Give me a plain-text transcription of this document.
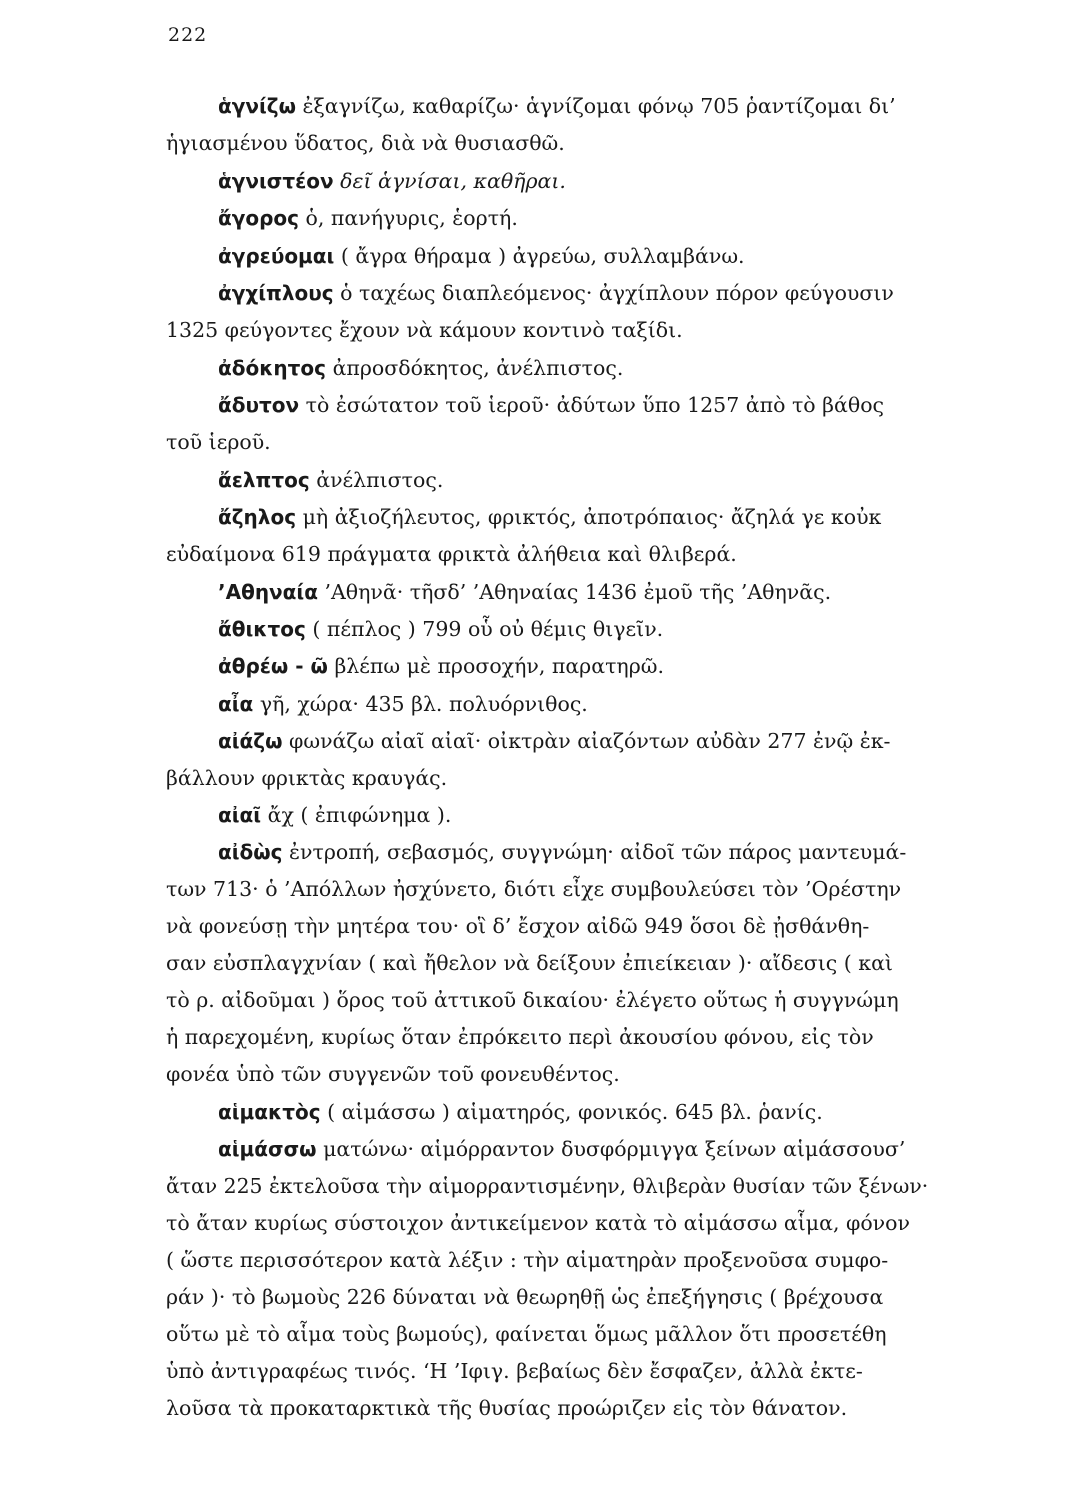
222
ἁγνίζω ἐξαγνίζω, καθαρίζω· ἁγνίζομαι φόνῳ 705 ῥαντίζομαι δι’
ἡγιασμένου ὕδατος, διὰ νὰ θυσιασθῶ.
ἁγνιστέον δεῖ ἁγνίσαι, καθῆραι.
ἄγορος ὁ, πανήγυρις, ἑορτή.
ἀγρεύομαι ( ἄγρα θήραμα ) ἀγρεύω, συλλαμβάνω.
ἀγχίπλους ὁ ταχέως διαπλεόμενος· ἀγχίπλουν πόρον φεύγουσιν
1325 φεύγοντες ἔχουν νὰ κάμουν κοντινὸ ταξίδι.
ἀδόκητος ἀπροσδόκητος, ἀνέλπιστος.
ἄδυτον τὸ ἐσώτατον τοῦ ἱεροῦ· ἀδύτων ὕπο 1257 ἀπὸ τὸ βάθος
τοῦ ἱεροῦ.
ἄελπτος ἀνέλπιστος.
ἄζηλος μὴ ἀξιοζήλευτος, φρικτός, ἀποτρόπαιος· ἄζηλά γε κοὐκ
εὐδαίμονα 619 πράγματα φρικτὰ ἀλήθεια καὶ θλιβερά.
’Αθηναία ’Αθηνᾶ· τῆσδ’ ’Αθηναίας 1436 ἐμοῦ τῆς ’Αθηνᾶς.
ἄθικτος ( πέπλος ) 799 οὗ οὐ θέμις θιγεῖν.
ἀθρέω - ῶ βλέπω μὲ προσοχήν, παρατηρῶ.
αἶα γῆ, χώρα· 435 βλ. πολυόρνιθος.
αἰάζω φωνάζω αἰαῖ αἰαῖ· οἰκτρὰν αἰαζόντων αὐδὰν 277 ἐνῷ ἐκ-
βάλλουν φρικτὰς κραυγάς.
αἰαῖ ἄχ ( ἐπιφώνημα ).
αἰδὼς ἐντροπή, σεβασμός, συγγνώμη· αἰδοῖ τῶν πάρος μαντευμά-
των 713· ὁ ’Απόλλων ἠσχύνετο, διότι εἶχε συμβουλεύσει τὸν ’Ορέστην
νὰ φονεύσῃ τὴν μητέρα του· οἳ δ’ ἔσχον αἰδῶ 949 ὅσοι δὲ ᾐσθάνθη-
σαν εὐσπλαγχνίαν ( καὶ ἤθελον νὰ δείξουν ἐπιείκειαν )· αἴδεσις ( καὶ
τὸ ρ. αἰδοῦμαι ) ὅρος τοῦ ἀττικοῦ δικαίου· ἐλέγετο οὕτως ἡ συγγνώμη
ἡ παρεχομένη, κυρίως ὅταν ἐπρόκειτο περὶ ἀκουσίου φόνου, εἰς τὸν
φονέα ὑπὸ τῶν συγγενῶν τοῦ φονευθέντος.
αἱμακτὸς ( αἱμάσσω ) αἱματηρός, φονικός. 645 βλ. ῥανίς.
αἱμάσσω ματώνω· αἱμόρραντον δυσφόρμιγγα ξείνων αἱμάσσουσ’
ἄταν 225 ἐκτελοῦσα τὴν αἱμορραντισμένην, θλιβερὰν θυσίαν τῶν ξένων·
τὸ ἄταν κυρίως σύστοιχον ἀντικείμενον κατὰ τὸ αἱμάσσω αἷμα, φόνον
( ὥστε περισσότερον κατὰ λέξιν : τὴν αἱματηρὰν προξενοῦσα συμφο-
ράν )· τὸ βωμοὺς 226 δύναται νὰ θεωρηθῇ ὡς ἐπεξήγησις ( βρέχουσα
οὕτω μὲ τὸ αἷμα τοὺς βωμούς), φαίνεται ὅμως μᾶλλον ὅτι προσετέθη
ὑπὸ ἀντιγραφέως τινός. ‘Η ’Ιφιγ. βεβαίως δὲν ἔσφαζεν, ἀλλὰ ἐκτε-
λοῦσα τὰ προκαταρκτικὰ τῆς θυσίας προώριζεν εἰς τὸν θάνατον.
